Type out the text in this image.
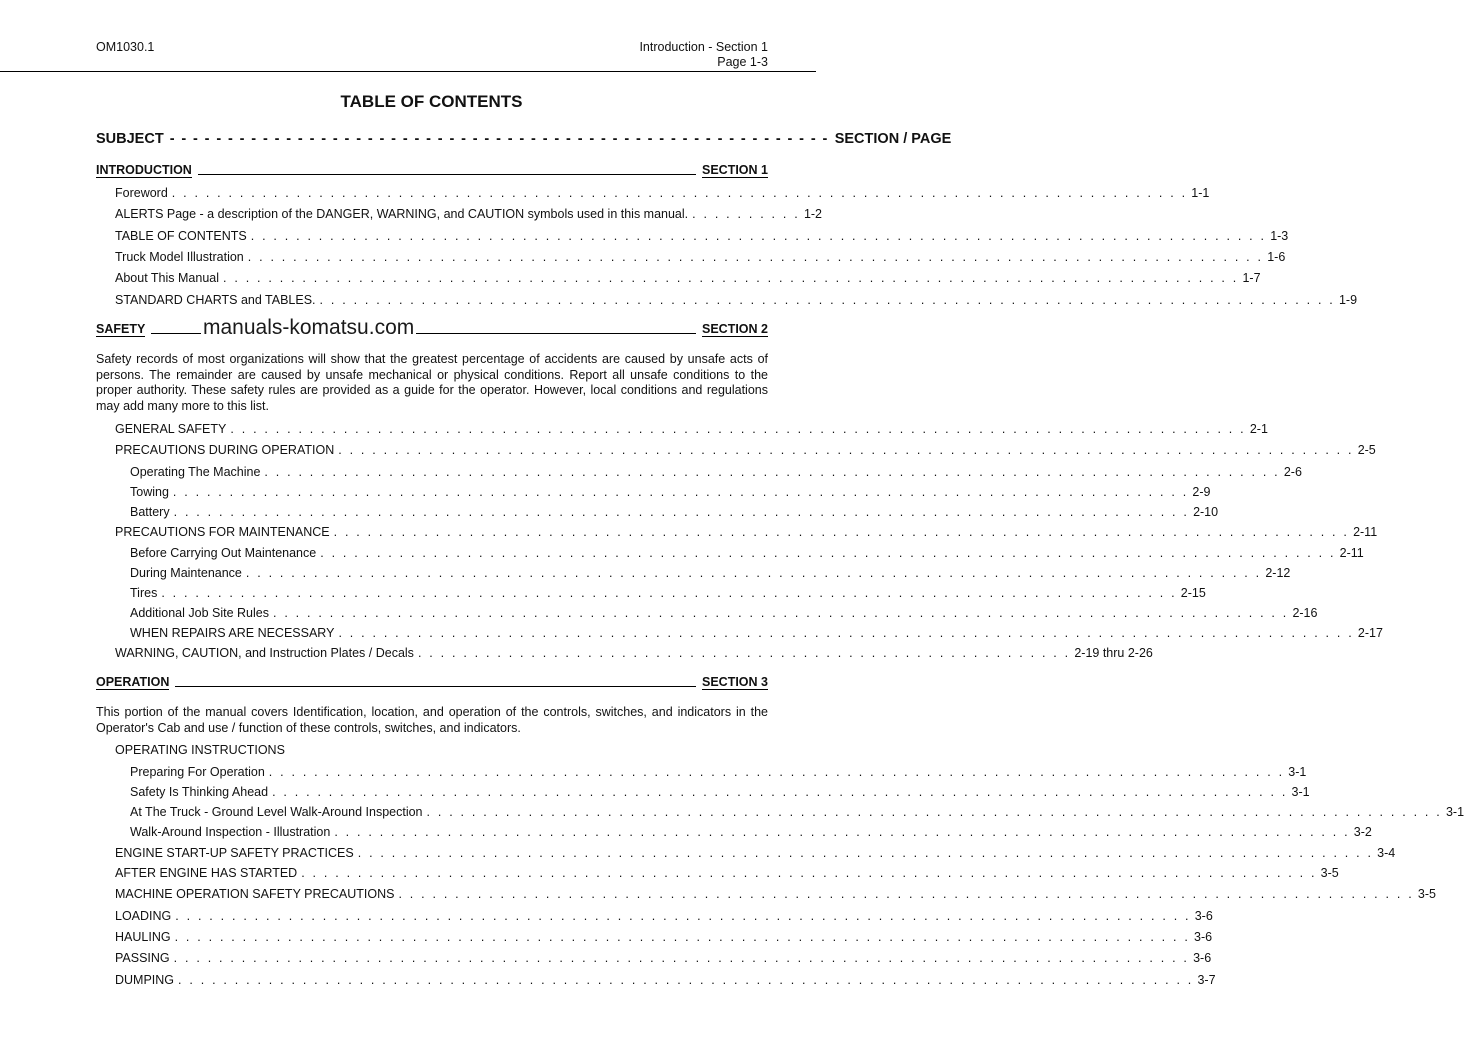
OM1030.1	Introduction - Section 1
Page 1-3
TABLE OF CONTENTS
SUBJECT - - - - - - - - - - - - - - - - - - - - - - - - - - - - - - - - - - - - - - - - - - - - - - - - - - - - - - - - - SECTION / PAGE
INTRODUCTION	SECTION 1
Foreword . . . . . . . . . . . . . . . . . . . . . . . . . . . . . . . . . . . . . . . . . . . . . . . . . . . . . . . . . . . . . . . . . . . . . . . . . . . . . . . . . . . . . . . . . . 1-1
ALERTS Page - a description of the DANGER, WARNING, and CAUTION symbols used in this manual. . . . . . . . . . . 1-2
TABLE OF CONTENTS . . . . . . . . . . . . . . . . . . . . . . . . . . . . . . . . . . . . . . . . . . . . . . . . . . . . . . . . . . . . . . . . . . . . . . . . . . . . . . . . . . . . . . . . . . 1-3
Truck Model Illustration . . . . . . . . . . . . . . . . . . . . . . . . . . . . . . . . . . . . . . . . . . . . . . . . . . . . . . . . . . . . . . . . . . . . . . . . . . . . . . . . . . . . . . . . . . 1-6
About This Manual . . . . . . . . . . . . . . . . . . . . . . . . . . . . . . . . . . . . . . . . . . . . . . . . . . . . . . . . . . . . . . . . . . . . . . . . . . . . . . . . . . . . . . . . . . 1-7
STANDARD CHARTS and TABLES. . . . . . . . . . . . . . . . . . . . . . . . . . . . . . . . . . . . . . . . . . . . . . . . . . . . . . . . . . . . . . . . . . . . . . . . . . . . . . . . . . . . . . . . . . . 1-9
SAFETY	SECTION 2
manuals-komatsu.com
Safety records of most organizations will show that the greatest percentage of accidents are caused by unsafe acts of persons. The remainder are caused by unsafe mechanical or physical conditions. Report all unsafe conditions to the proper authority. These safety rules are provided as a guide for the operator. However, local conditions and regulations may add many more to this list.
GENERAL SAFETY . . . . . . . . . . . . . . . . . . . . . . . . . . . . . . . . . . . . . . . . . . . . . . . . . . . . . . . . . . . . . . . . . . . . . . . . . . . . . . . . . . . . . . . . . . 2-1
PRECAUTIONS DURING OPERATION . . . . . . . . . . . . . . . . . . . . . . . . . . . . . . . . . . . . . . . . . . . . . . . . . . . . . . . . . . . . . . . . . . . . . . . . . . . . . . . . . . . . . . . . . . 2-5
Operating The Machine . . . . . . . . . . . . . . . . . . . . . . . . . . . . . . . . . . . . . . . . . . . . . . . . . . . . . . . . . . . . . . . . . . . . . . . . . . . . . . . . . . . . . . . . . . 2-6
Towing . . . . . . . . . . . . . . . . . . . . . . . . . . . . . . . . . . . . . . . . . . . . . . . . . . . . . . . . . . . . . . . . . . . . . . . . . . . . . . . . . . . . . . . . . . 2-9
Battery . . . . . . . . . . . . . . . . . . . . . . . . . . . . . . . . . . . . . . . . . . . . . . . . . . . . . . . . . . . . . . . . . . . . . . . . . . . . . . . . . . . . . . . . . . 2-10
PRECAUTIONS FOR MAINTENANCE . . . . . . . . . . . . . . . . . . . . . . . . . . . . . . . . . . . . . . . . . . . . . . . . . . . . . . . . . . . . . . . . . . . . . . . . . . . . . . . . . . . . . . . . . . 2-11
Before Carrying Out Maintenance . . . . . . . . . . . . . . . . . . . . . . . . . . . . . . . . . . . . . . . . . . . . . . . . . . . . . . . . . . . . . . . . . . . . . . . . . . . . . . . . . . . . . . . . . . 2-11
During Maintenance . . . . . . . . . . . . . . . . . . . . . . . . . . . . . . . . . . . . . . . . . . . . . . . . . . . . . . . . . . . . . . . . . . . . . . . . . . . . . . . . . . . . . . . . . . 2-12
Tires . . . . . . . . . . . . . . . . . . . . . . . . . . . . . . . . . . . . . . . . . . . . . . . . . . . . . . . . . . . . . . . . . . . . . . . . . . . . . . . . . . . . . . . . . . 2-15
Additional Job Site Rules . . . . . . . . . . . . . . . . . . . . . . . . . . . . . . . . . . . . . . . . . . . . . . . . . . . . . . . . . . . . . . . . . . . . . . . . . . . . . . . . . . . . . . . . . . 2-16
WHEN REPAIRS ARE NECESSARY . . . . . . . . . . . . . . . . . . . . . . . . . . . . . . . . . . . . . . . . . . . . . . . . . . . . . . . . . . . . . . . . . . . . . . . . . . . . . . . . . . . . . . . . . . 2-17
WARNING, CAUTION, and Instruction Plates / Decals . . . . . . . . . . . . . . . . . . . . . . . . . . . . . . . . . . . . . . . . . . . . . . . . . . . . . . . . . . 2-19 thru 2-26
OPERATION	SECTION 3
This portion of the manual covers Identification, location, and operation of the controls, switches, and indicators in the Operator's Cab and use / function of these controls, switches, and indicators.
OPERATING INSTRUCTIONS
Preparing For Operation . . . . . . . . . . . . . . . . . . . . . . . . . . . . . . . . . . . . . . . . . . . . . . . . . . . . . . . . . . . . . . . . . . . . . . . . . . . . . . . . . . . . . . . . . . 3-1
Safety Is Thinking Ahead . . . . . . . . . . . . . . . . . . . . . . . . . . . . . . . . . . . . . . . . . . . . . . . . . . . . . . . . . . . . . . . . . . . . . . . . . . . . . . . . . . . . . . . . . . 3-1
At The Truck - Ground Level Walk-Around Inspection . . . . . . . . . . . . . . . . . . . . . . . . . . . . . . . . . . . . . . . . . . . . . . . . . . . . . . . . . . . . . . . . . . . . . . . . . . . . . . . . . . . . . . . . . . 3-1
Walk-Around Inspection - Illustration . . . . . . . . . . . . . . . . . . . . . . . . . . . . . . . . . . . . . . . . . . . . . . . . . . . . . . . . . . . . . . . . . . . . . . . . . . . . . . . . . . . . . . . . . . 3-2
ENGINE START-UP SAFETY PRACTICES . . . . . . . . . . . . . . . . . . . . . . . . . . . . . . . . . . . . . . . . . . . . . . . . . . . . . . . . . . . . . . . . . . . . . . . . . . . . . . . . . . . . . . . . . . 3-4
AFTER ENGINE HAS STARTED . . . . . . . . . . . . . . . . . . . . . . . . . . . . . . . . . . . . . . . . . . . . . . . . . . . . . . . . . . . . . . . . . . . . . . . . . . . . . . . . . . . . . . . . . . 3-5
MACHINE OPERATION SAFETY PRECAUTIONS . . . . . . . . . . . . . . . . . . . . . . . . . . . . . . . . . . . . . . . . . . . . . . . . . . . . . . . . . . . . . . . . . . . . . . . . . . . . . . . . . . . . . . . . . . 3-5
LOADING . . . . . . . . . . . . . . . . . . . . . . . . . . . . . . . . . . . . . . . . . . . . . . . . . . . . . . . . . . . . . . . . . . . . . . . . . . . . . . . . . . . . . . . . . . 3-6
HAULING . . . . . . . . . . . . . . . . . . . . . . . . . . . . . . . . . . . . . . . . . . . . . . . . . . . . . . . . . . . . . . . . . . . . . . . . . . . . . . . . . . . . . . . . . . 3-6
PASSING . . . . . . . . . . . . . . . . . . . . . . . . . . . . . . . . . . . . . . . . . . . . . . . . . . . . . . . . . . . . . . . . . . . . . . . . . . . . . . . . . . . . . . . . . . 3-6
DUMPING . . . . . . . . . . . . . . . . . . . . . . . . . . . . . . . . . . . . . . . . . . . . . . . . . . . . . . . . . . . . . . . . . . . . . . . . . . . . . . . . . . . . . . . . . . 3-7
